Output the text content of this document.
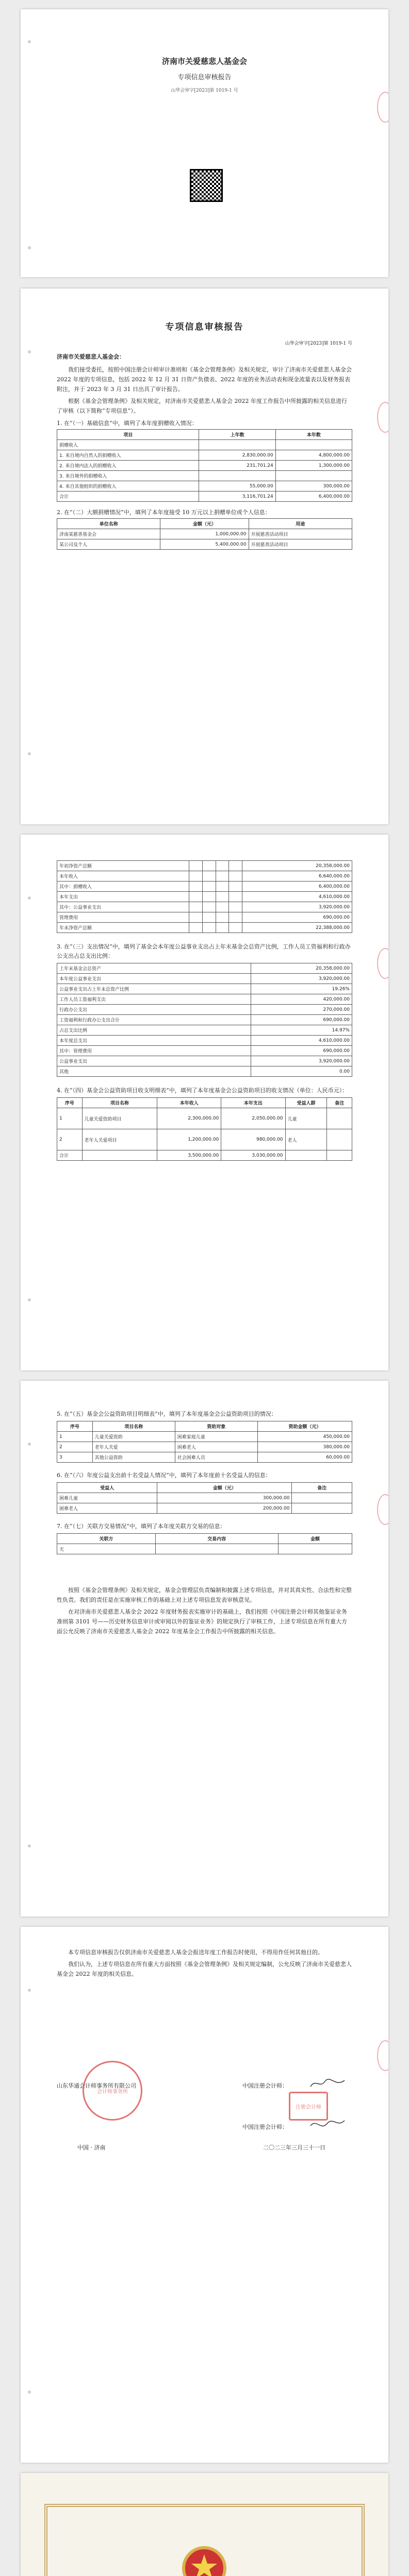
济南市关爱慈悲人基金会
专项信息审核报告
山华会审字[2023]第 1019-1 号
专项信息审核报告
山华会审字[2023]第 1019-1 号
济南市关爱慈悲人基金会：

我们接受委托，按照中国注册会计师审计准则和《基金会管理条例》及相关规定，审计了济南市关爱慈悲人基金会 2022 年度的专项信息，包括 2022 年 12 月 31 日资产负债表、2022 年度的业务活动表和现金流量表以及财务报表附注，并于 2023 年 3 月 31 日出具了审计报告。

根据《基金会管理条例》及相关规定，对济南市关爱慈悲人基金会 2022 年度工作报告中所披露的相关信息进行了审核（以下简称“专项信息”）。

1. 在“（一）基础信息”中，填列了本年度捐赠收入情况：
项目	上年数	本年数
捐赠收入		
1. 来自境内自然人的捐赠收入	2,830,000.00	4,800,000.00
2. 来自境内法人的捐赠收入	231,701.24	1,300,000.00
3. 来自境外的捐赠收入		
4. 来自其他组织的捐赠收入	55,000.00	300,000.00
合计	3,116,701.24	6,400,000.00
2. 在“（二）大额捐赠情况”中，填列了本年度接受 10 万元以上捐赠单位或个人信息：
单位名称	金额（元）	用途
济南某慈善基金会	1,000,000.00	开展慈善活动项目
某公司及个人	5,400,000.00	开展慈善活动项目
年初净资产总额					20,358,000.00
本年收入					6,640,000.00
其中：捐赠收入					6,400,000.00
本年支出					4,610,000.00
其中：公益事业支出					3,920,000.00
管理费用					690,000.00
年末净资产总额					22,388,000.00
3. 在“（三）支出情况”中，填列了基金会本年度公益事业支出占上年末基金会总资产比例，工作人员工资福利和行政办公支出占总支出比例：
上年末基金会总资产	20,358,000.00
本年度公益事业支出	3,920,000.00
公益事业支出占上年末总资产比例	19.26%
工作人员工资福利支出	420,000.00
行政办公支出	270,000.00
工资福利和行政办公支出合计	690,000.00
占总支出比例	14.97%
本年度总支出	4,610,000.00
其中：管理费用	690,000.00
公益事业支出	3,920,000.00
其他	0.00
4. 在“（四）基金会公益资助项目收支明细表”中，填列了本年度基金会公益资助项目的收支情况（单位：人民币元）：
序号	项目名称	本年收入	本年支出	受益人群	备注
1	儿童关爱资助项目	2,300,000.00	2,050,000.00	儿童	
2	老年人关爱项目	1,200,000.00	980,000.00	老人	
合计		3,500,000.00	3,030,000.00		
5. 在“（五）基金会公益资助项目明细表”中，填列了本年度基金会公益资助项目的情况：
序号	项目名称	资助对象	资助金额（元）
1	儿童关爱资助	困难家庭儿童	450,000.00
2	老年人关爱	困难老人	380,000.00
3	其他公益资助	社会困难人员	60,000.00
6. 在“（六）年度公益支出前十名受益人情况”中，填列了本年度前十名受益人的信息：
受益人	金额（元）	备注
困难儿童	300,000.00	
困难老人	200,000.00	
7. 在“（七）关联方交易情况”中，填列了本年度关联方交易的信息：
关联方	交易内容	金额
无		

按照《基金会管理条例》及相关规定，基金会管理层负责编制和披露上述专项信息，并对其真实性、合法性和完整性负责。我们的责任是在实施审核工作的基础上对上述专项信息发表审核意见。

在对济南市关爱慈悲人基金会 2022 年度财务报表实施审计的基础上，我们按照《中国注册会计师其他鉴证业务准则第 3101 号——历史财务信息审计或审阅以外的鉴证业务》的规定执行了审核工作，上述专项信息在所有重大方面公允反映了济南市关爱慈悲人基金会 2022 年度基金会工作报告中所披露的相关信息。

本专项信息审核报告仅供济南市关爱慈悲人基金会报送年度工作报告时使用，不得用作任何其他目的。

我们认为，上述专项信息在所有重大方面按照《基金会管理条例》及相关规定编制，公允反映了济南市关爱慈悲人基金会 2022 年度的相关信息。

山东华通会计师事务所有限公司
中国 · 济南
中国注册会计师：
中国注册会计师：
二〇二三年三月三十一日
会计师事务所
注册会计师
